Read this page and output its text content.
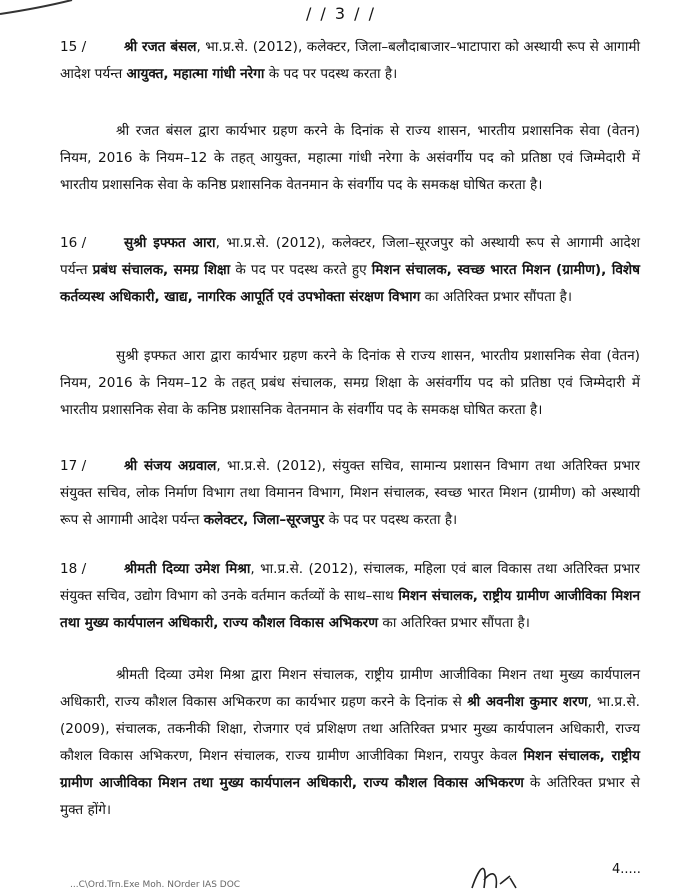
/ / 3 / /

15 /	श्री रजत बंसल, भा.प्र.से. (2012), कलेक्टर, जिला–बलौदाबाजार–भाटापारा को अस्थायी रूप से आगामी आदेश पर्यन्त आयुक्त, महात्मा गांधी नरेगा के पद पर पदस्थ करता है।

श्री रजत बंसल द्वारा कार्यभार ग्रहण करने के दिनांक से राज्य शासन, भारतीय प्रशासनिक सेवा (वेतन) नियम, 2016 के नियम–12 के तहत् आयुक्त, महात्मा गांधी नरेगा के असंवर्गीय पद को प्रतिष्ठा एवं जिम्मेदारी में भारतीय प्रशासनिक सेवा के कनिष्ठ प्रशासनिक वेतनमान के संवर्गीय पद के समकक्ष घोषित करता है।

16 /	सुश्री इफ्फत आरा, भा.प्र.से. (2012), कलेक्टर, जिला–सूरजपुर को अस्थायी रूप से आगामी आदेश पर्यन्त प्रबंध संचालक, समग्र शिक्षा के पद पर पदस्थ करते हुए मिशन संचालक, स्वच्छ भारत मिशन (ग्रामीण), विशेष कर्तव्यस्थ अधिकारी, खाद्य, नागरिक आपूर्ति एवं उपभोक्ता संरक्षण विभाग का अतिरिक्त प्रभार सौंपता है।

सुश्री इफ्फत आरा द्वारा कार्यभार ग्रहण करने के दिनांक से राज्य शासन, भारतीय प्रशासनिक सेवा (वेतन) नियम, 2016 के नियम–12 के तहत् प्रबंध संचालक, समग्र शिक्षा के असंवर्गीय पद को प्रतिष्ठा एवं जिम्मेदारी में भारतीय प्रशासनिक सेवा के कनिष्ठ प्रशासनिक वेतनमान के संवर्गीय पद के समकक्ष घोषित करता है।

17 /	श्री संजय अग्रवाल, भा.प्र.से. (2012), संयुक्त सचिव, सामान्य प्रशासन विभाग तथा अतिरिक्त प्रभार संयुक्त सचिव, लोक निर्माण विभाग तथा विमानन विभाग, मिशन संचालक, स्वच्छ भारत मिशन (ग्रामीण) को अस्थायी रूप से आगामी आदेश पर्यन्त कलेक्टर, जिला–सूरजपुर के पद पर पदस्थ करता है।

18 /	श्रीमती दिव्या उमेश मिश्रा, भा.प्र.से. (2012), संचालक, महिला एवं बाल विकास तथा अतिरिक्त प्रभार संयुक्त सचिव, उद्योग विभाग को उनके वर्तमान कर्तव्यों के साथ–साथ मिशन संचालक, राष्ट्रीय ग्रामीण आजीविका मिशन तथा मुख्य कार्यपालन अधिकारी, राज्य कौशल विकास अभिकरण का अतिरिक्त प्रभार सौंपता है।

श्रीमती दिव्या उमेश मिश्रा द्वारा मिशन संचालक, राष्ट्रीय ग्रामीण आजीविका मिशन तथा मुख्य कार्यपालन अधिकारी, राज्य कौशल विकास अभिकरण का कार्यभार ग्रहण करने के दिनांक से श्री अवनीश कुमार शरण, भा.प्र.से. (2009), संचालक, तकनीकी शिक्षा, रोजगार एवं प्रशिक्षण तथा अतिरिक्त प्रभार मुख्य कार्यपालन अधिकारी, राज्य कौशल विकास अभिकरण, मिशन संचालक, राज्य ग्रामीण आजीविका मिशन, रायपुर केवल मिशन संचालक, राष्ट्रीय ग्रामीण आजीविका मिशन तथा मुख्य कार्यपालन अधिकारी, राज्य कौशल विकास अभिकरण के अतिरिक्त प्रभार से मुक्त होंगे।

4.....
...C\Ord.Trn.Exe Moh. NOrder IAS DOC
